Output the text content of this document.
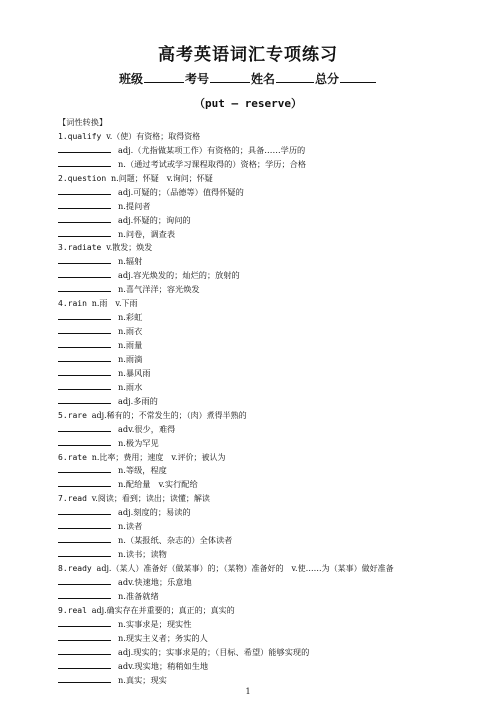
高考英语词汇专项练习
班级	考号	姓名	总分
（put — reserve）
【词性转换】
1.qualify v.（使）有资格；取得资格
adj.（尤指做某项工作）有资格的；具备……学历的
n.（通过考试或学习课程取得的）资格；学历；合格
2.question n.问题；怀疑　v.询问；怀疑
adj.可疑的；（品德等）值得怀疑的
n.提问者
adj.怀疑的；询问的
n.问卷，调查表
3.radiate v.散发；焕发
n.辐射
adj.容光焕发的；灿烂的；放射的
n.喜气洋洋；容光焕发
4.rain n.雨　v.下雨
n.彩虹
n.雨衣
n.雨量
n.雨滴
n.暴风雨
n.雨水
adj.多雨的
5.rare adj.稀有的；不常发生的；（肉）煮得半熟的
adv.很少，难得
n.极为罕见
6.rate n.比率；费用；速度　v.评价；被认为
n.等级，程度
n.配给量　v.实行配给
7.read v.阅读；看到；读出；读懂；解读
adj.刻度的；易读的
n.读者
n.（某报纸、杂志的）全体读者
n.读书；读物
8.ready adj.（某人）准备好（做某事）的；（某物）准备好的　v.使……为（某事）做好准备
adv.快速地；乐意地
n.准备就绪
9.real adj.确实存在并重要的；真正的；真实的
n.实事求是；现实性
n.现实主义者；务实的人
adj.现实的；实事求是的；（目标、希望）能够实现的
adv.现实地；稍稍如生地
n.真实；现实
1
